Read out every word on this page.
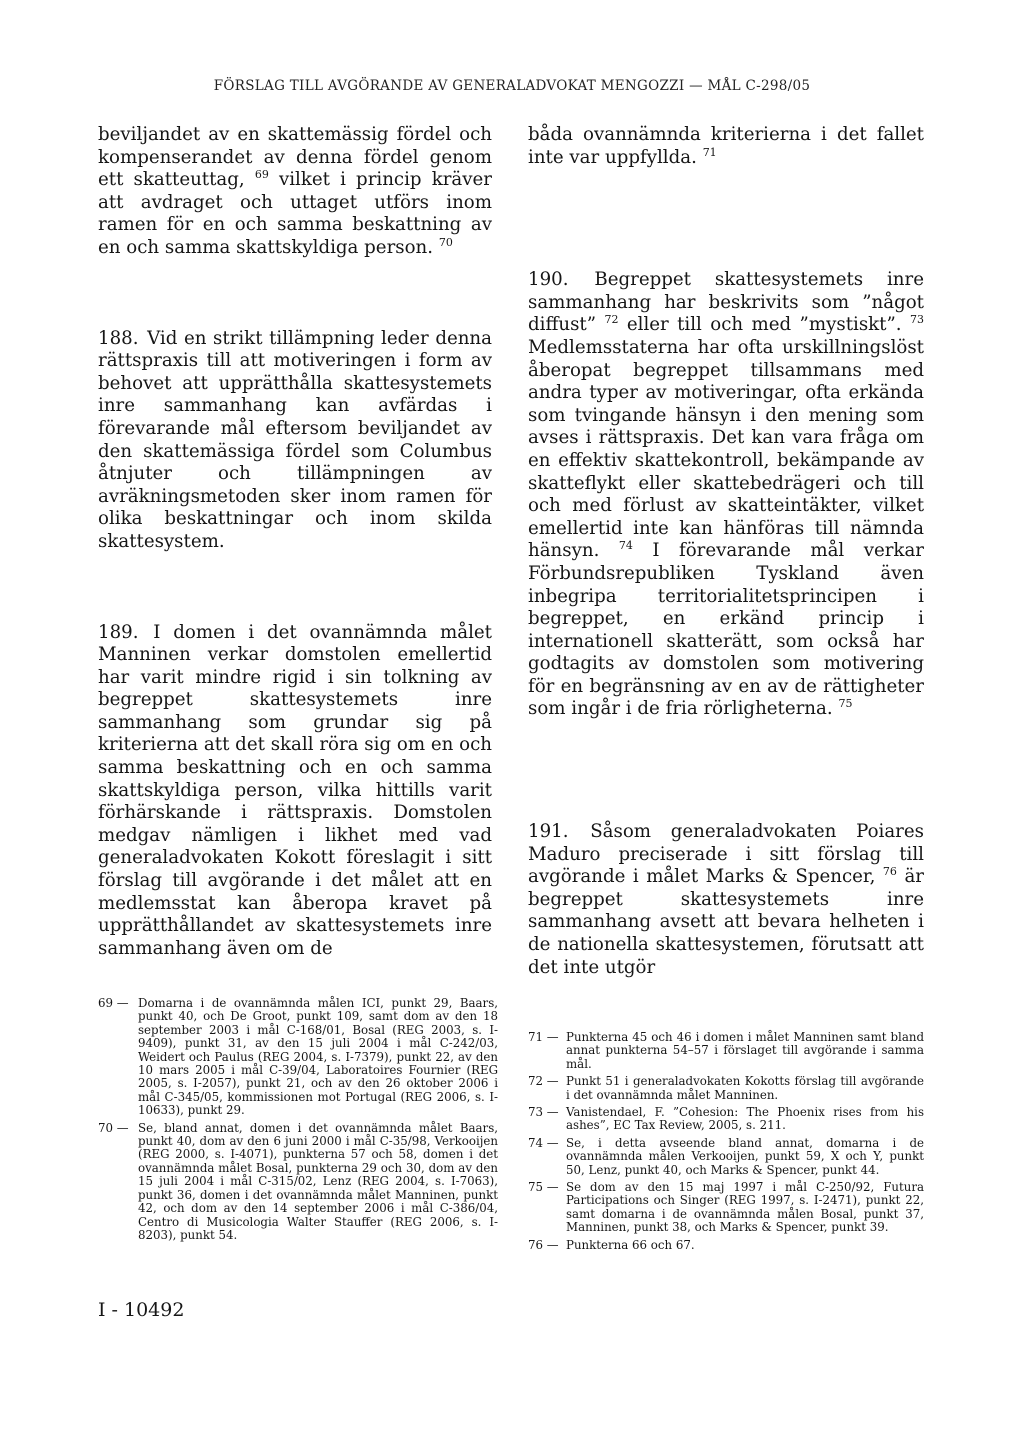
FÖRSLAG TILL AVGÖRANDE AV GENERALADVOKAT MENGOZZI — MÅL C-298/05

beviljandet av en skattemässig fördel och kompenserandet av denna fördel genom ett skatteuttag, $^{69}$ vilket i princip kräver att avdraget och uttaget utförs inom ramen för en och samma beskattning av en och samma skattskyldiga person. $^{70}$

188. Vid en strikt tillämpning leder denna rättspraxis till att motiveringen i form av behovet att upprätthålla skattesystemets inre sammanhang kan avfärdas i förevarande mål eftersom beviljandet av den skattemässiga fördel som Columbus åtnjuter och tillämpningen av avräkningsmetoden sker inom ramen för olika beskattningar och inom skilda skattesystem.

189. I domen i det ovannämnda målet Manninen verkar domstolen emellertid har varit mindre rigid i sin tolkning av begreppet skattesystemets inre sammanhang som grundar sig på kriterierna att det skall röra sig om en och samma beskattning och en och samma skattskyldiga person, vilka hittills varit förhärskande i rättspraxis. Domstolen medgav nämligen i likhet med vad generaladvokaten Kokott föreslagit i sitt förslag till avgörande i det målet att en medlemsstat kan åberopa kravet på upprätthållandet av skattesystemets inre sammanhang även om de

båda ovannämnda kriterierna i det fallet inte var uppfyllda. $^{71}$

190. Begreppet skattesystemets inre sammanhang har beskrivits som ”något diffust” $^{72}$ eller till och med ”mystiskt”. $^{73}$ Medlemsstaterna har ofta urskillningslöst åberopat begreppet tillsammans med andra typer av motiveringar, ofta erkända som tvingande hänsyn i den mening som avses i rättspraxis. Det kan vara fråga om en effektiv skattekontroll, bekämpande av skatteflykt eller skattebedrägeri och till och med förlust av skatteintäkter, vilket emellertid inte kan hänföras till nämnda hänsyn. $^{74}$ I förevarande mål verkar Förbundsrepubliken Tyskland även inbegripa territorialitetsprincipen i begreppet, en erkänd princip i internationell skatterätt, som också har godtagits av domstolen som motivering för en begränsning av en av de rättigheter som ingår i de fria rörligheterna. $^{75}$

191. Såsom generaladvokaten Poiares Maduro preciserade i sitt förslag till avgörande i målet Marks & Spencer, $^{76}$ är begreppet skattesystemets inre sammanhang avsett att bevara helheten i de nationella skattesystemen, förutsatt att det inte utgör

69 — Domarna i de ovannämnda målen ICI, punkt 29, Baars, punkt 40, och De Groot, punkt 109, samt dom av den 18 september 2003 i mål C-168/01, Bosal (REG 2003, s. I-9409), punkt 31, av den 15 juli 2004 i mål C-242/03, Weidert och Paulus (REG 2004, s. I-7379), punkt 22, av den 10 mars 2005 i mål C-39/04, Laboratoires Fournier (REG 2005, s. I-2057), punkt 21, och av den 26 oktober 2006 i mål C-345/05, kommissionen mot Portugal (REG 2006, s. I-10633), punkt 29.
70 — Se, bland annat, domen i det ovannämnda målet Baars, punkt 40, dom av den 6 juni 2000 i mål C-35/98, Verkooijen (REG 2000, s. I-4071), punkterna 57 och 58, domen i det ovannämnda målet Bosal, punkterna 29 och 30, dom av den 15 juli 2004 i mål C-315/02, Lenz (REG 2004, s. I-7063), punkt 36, domen i det ovannämnda målet Manninen, punkt 42, och dom av den 14 september 2006 i mål C-386/04, Centro di Musicologia Walter Stauffer (REG 2006, s. I-8203), punkt 54.
71 — Punkterna 45 och 46 i domen i målet Manninen samt bland annat punkterna 54–57 i förslaget till avgörande i samma mål.
72 — Punkt 51 i generaladvokaten Kokotts förslag till avgörande i det ovannämnda målet Manninen.
73 — Vanistendael, F. ”Cohesion: The Phoenix rises from his ashes”, EC Tax Review, 2005, s. 211.
74 — Se, i detta avseende bland annat, domarna i de ovannämnda målen Verkooijen, punkt 59, X och Y, punkt 50, Lenz, punkt 40, och Marks & Spencer, punkt 44.
75 — Se dom av den 15 maj 1997 i mål C-250/92, Futura Participations och Singer (REG 1997, s. I-2471), punkt 22, samt domarna i de ovannämnda målen Bosal, punkt 37, Manninen, punkt 38, och Marks & Spencer, punkt 39.
76 — Punkterna 66 och 67.
I - 10492
